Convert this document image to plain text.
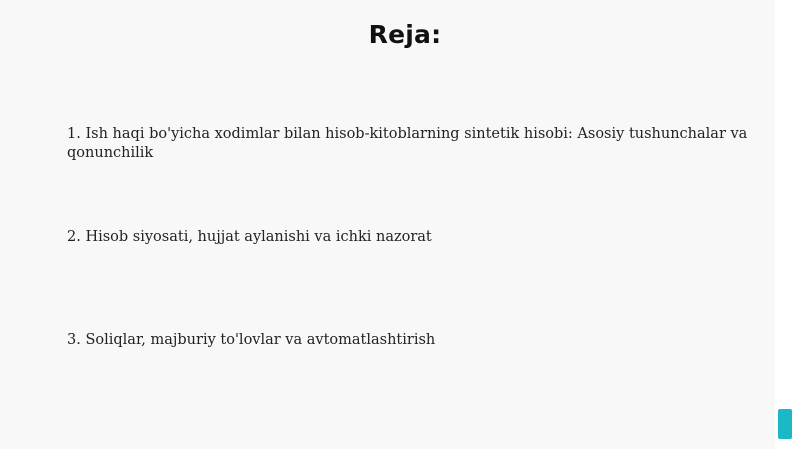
Reja:
1. Ish haqi bo'yicha xodimlar bilan hisob-kitoblarning sintetik hisobi: Asosiy tushunchalar va qonunchilik
2. Hisob siyosati, hujjat aylanishi va ichki nazorat
3. Soliqlar, majburiy to'lovlar va avtomatlashtirish
